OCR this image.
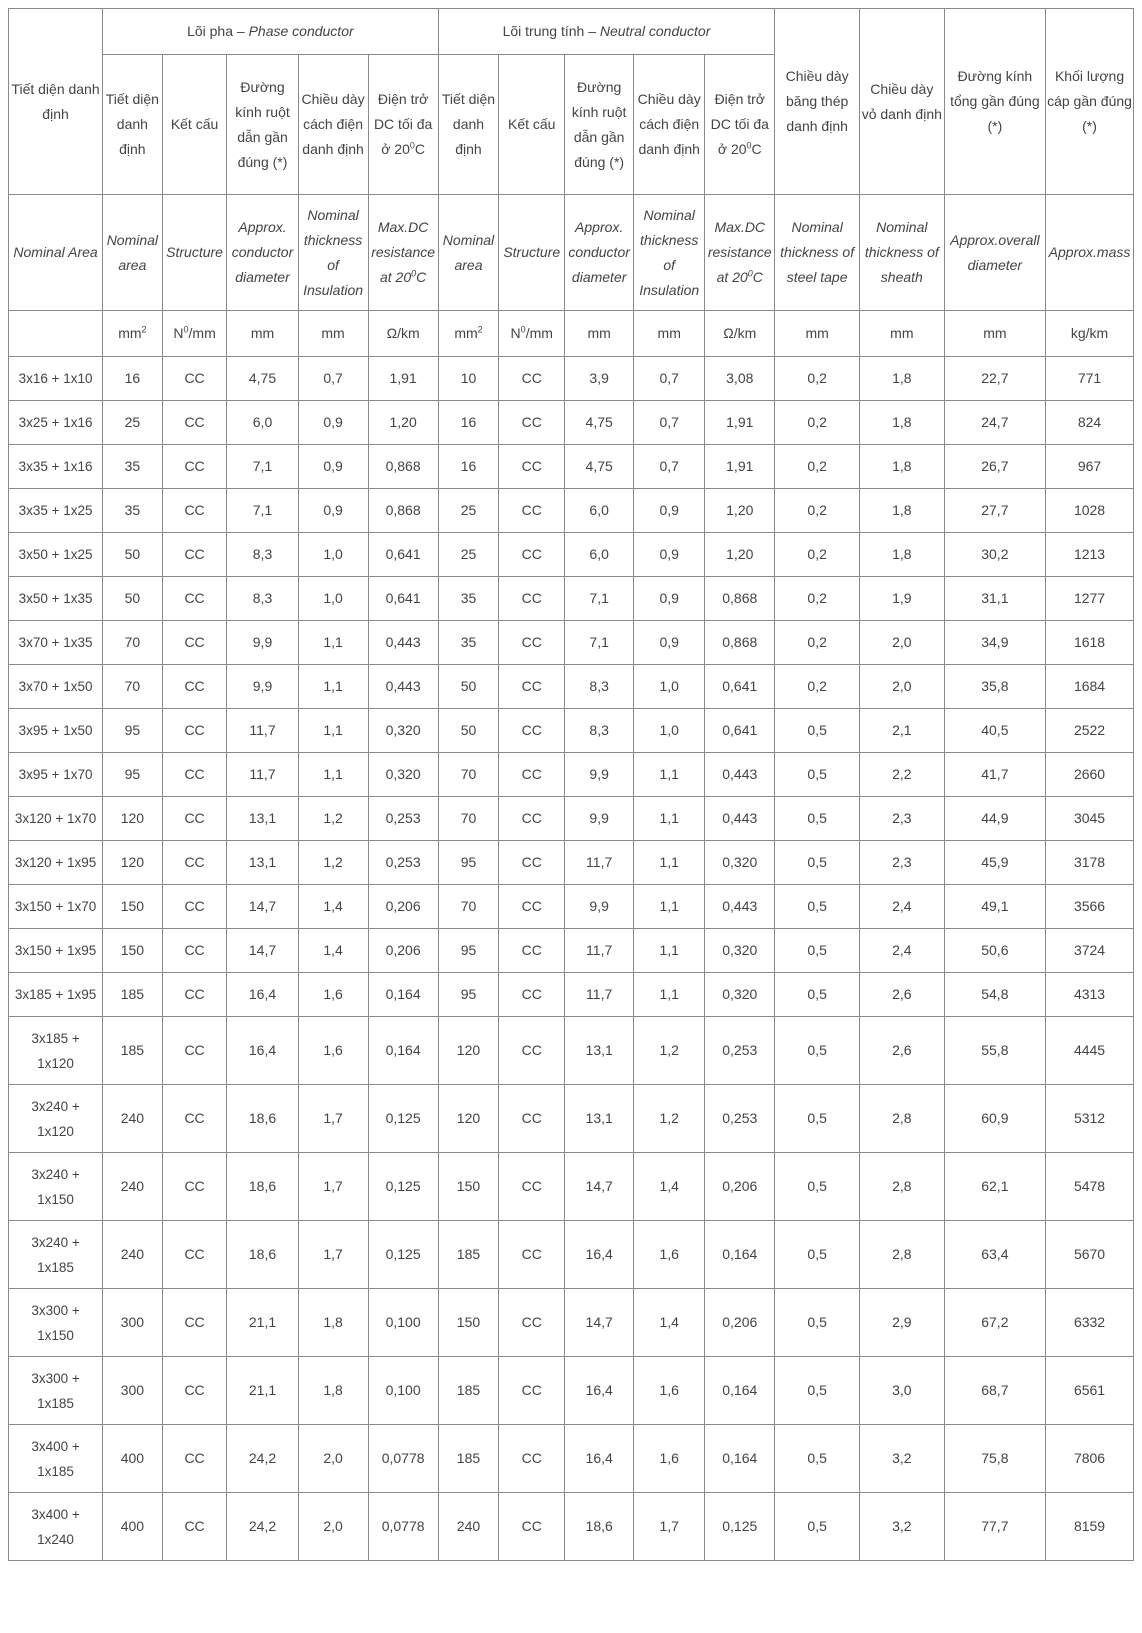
Tiết diện danh định	Lõi pha – Phase conductor					Lõi trung tính – Neutral conductor					Chiều dày băng thép danh định	Chiều dày vỏ danh định	Đường kính tổng gần đúng (*)	Khối lượng cáp gần đúng (*)
	Tiết diện danh định	Kết cấu	Đường kính ruột dẫn gần đúng (*)	Chiều dày cách điện danh định	Điện trở DC tối đa ở $20^0C$	Tiết diện danh định	Kết cấu	Đường kính ruột dẫn gần đúng (*)	Chiều dày cách điện danh định	Điện trở DC tối đa ở $20^0C$				
Nominal Area	Nominal area	Structure	Approx. conductor diameter	Nominal thickness of Insulation	Max.DC resistance at $20^0C$	Nominal area	Structure	Approx. conductor diameter	Nominal thickness of Insulation	Max.DC resistance at $20^0C$	Nominal thickness of steel tape	Nominal thickness of sheath	Approx.overall diameter	Approx.mass
	$mm^2$	$N^0/mm$	mm	mm	Ω/km	$mm^2$	$N^0/mm$	mm	mm	Ω/km	mm	mm	mm	kg/km
3x16 + 1x10	16	CC	4,75	0,7	1,91	10	CC	3,9	0,7	3,08	0,2	1,8	22,7	771
3x25 + 1x16	25	CC	6,0	0,9	1,20	16	CC	4,75	0,7	1,91	0,2	1,8	24,7	824
3x35 + 1x16	35	CC	7,1	0,9	0,868	16	CC	4,75	0,7	1,91	0,2	1,8	26,7	967
3x35 + 1x25	35	CC	7,1	0,9	0,868	25	CC	6,0	0,9	1,20	0,2	1,8	27,7	1028
3x50 + 1x25	50	CC	8,3	1,0	0,641	25	CC	6,0	0,9	1,20	0,2	1,8	30,2	1213
3x50 + 1x35	50	CC	8,3	1,0	0,641	35	CC	7,1	0,9	0,868	0,2	1,9	31,1	1277
3x70 + 1x35	70	CC	9,9	1,1	0,443	35	CC	7,1	0,9	0,868	0,2	2,0	34,9	1618
3x70 + 1x50	70	CC	9,9	1,1	0,443	50	CC	8,3	1,0	0,641	0,2	2,0	35,8	1684
3x95 + 1x50	95	CC	11,7	1,1	0,320	50	CC	8,3	1,0	0,641	0,5	2,1	40,5	2522
3x95 + 1x70	95	CC	11,7	1,1	0,320	70	CC	9,9	1,1	0,443	0,5	2,2	41,7	2660
3x120 + 1x70	120	CC	13,1	1,2	0,253	70	CC	9,9	1,1	0,443	0,5	2,3	44,9	3045
3x120 + 1x95	120	CC	13,1	1,2	0,253	95	CC	11,7	1,1	0,320	0,5	2,3	45,9	3178
3x150 + 1x70	150	CC	14,7	1,4	0,206	70	CC	9,9	1,1	0,443	0,5	2,4	49,1	3566
3x150 + 1x95	150	CC	14,7	1,4	0,206	95	CC	11,7	1,1	0,320	0,5	2,4	50,6	3724
3x185 + 1x95	185	CC	16,4	1,6	0,164	95	CC	11,7	1,1	0,320	0,5	2,6	54,8	4313
3x185 + 1x120	185	CC	16,4	1,6	0,164	120	CC	13,1	1,2	0,253	0,5	2,6	55,8	4445
3x240 + 1x120	240	CC	18,6	1,7	0,125	120	CC	13,1	1,2	0,253	0,5	2,8	60,9	5312
3x240 + 1x150	240	CC	18,6	1,7	0,125	150	CC	14,7	1,4	0,206	0,5	2,8	62,1	5478
3x240 + 1x185	240	CC	18,6	1,7	0,125	185	CC	16,4	1,6	0,164	0,5	2,8	63,4	5670
3x300 + 1x150	300	CC	21,1	1,8	0,100	150	CC	14,7	1,4	0,206	0,5	2,9	67,2	6332
3x300 + 1x185	300	CC	21,1	1,8	0,100	185	CC	16,4	1,6	0,164	0,5	3,0	68,7	6561
3x400 + 1x185	400	CC	24,2	2,0	0,0778	185	CC	16,4	1,6	0,164	0,5	3,2	75,8	7806
3x400 + 1x240	400	CC	24,2	2,0	0,0778	240	CC	18,6	1,7	0,125	0,5	3,2	77,7	8159
